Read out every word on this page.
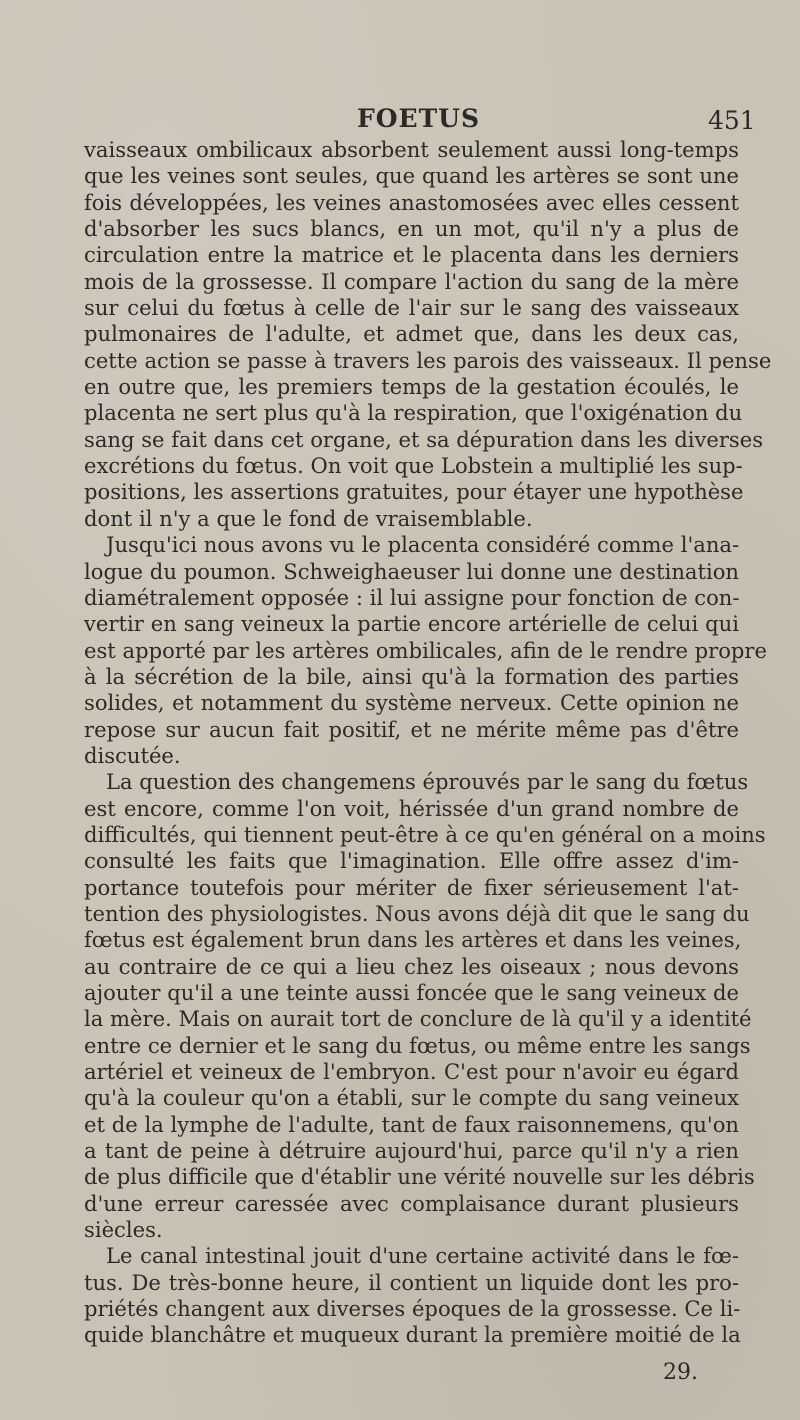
FOETUS	451
vaisseaux ombilicaux absorbent seulement aussi long-temps
que les veines sont seules, que quand les artères se sont une
fois développées, les veines anastomosées avec elles cessent
d'absorber les sucs blancs, en un mot, qu'il n'y a plus de
circulation entre la matrice et le placenta dans les derniers
mois de la grossesse. Il compare l'action du sang de la mère
sur celui du fœtus à celle de l'air sur le sang des vaisseaux
pulmonaires de l'adulte, et admet que, dans les deux cas,
cette action se passe à travers les parois des vaisseaux. Il pense
en outre que, les premiers temps de la gestation écoulés, le
placenta ne sert plus qu'à la respiration, que l'oxigénation du
sang se fait dans cet organe, et sa dépuration dans les diverses
excrétions du fœtus. On voit que Lobstein a multiplié les sup-
positions, les assertions gratuites, pour étayer une hypothèse
dont il n'y a que le fond de vraisemblable.
Jusqu'ici nous avons vu le placenta considéré comme l'ana-
logue du poumon. Schweighaeuser lui donne une destination
diamétralement opposée : il lui assigne pour fonction de con-
vertir en sang veineux la partie encore artérielle de celui qui
est apporté par les artères ombilicales, afin de le rendre propre
à la sécrétion de la bile, ainsi qu'à la formation des parties
solides, et notamment du système nerveux. Cette opinion ne
repose sur aucun fait positif, et ne mérite même pas d'être
discutée.
La question des changemens éprouvés par le sang du fœtus
est encore, comme l'on voit, hérissée d'un grand nombre de
difficultés, qui tiennent peut-être à ce qu'en général on a moins
consulté les faits que l'imagination. Elle offre assez d'im-
portance toutefois pour mériter de fixer sérieusement l'at-
tention des physiologistes. Nous avons déjà dit que le sang du
fœtus est également brun dans les artères et dans les veines,
au contraire de ce qui a lieu chez les oiseaux ; nous devons
ajouter qu'il a une teinte aussi foncée que le sang veineux de
la mère. Mais on aurait tort de conclure de là qu'il y a identité
entre ce dernier et le sang du fœtus, ou même entre les sangs
artériel et veineux de l'embryon. C'est pour n'avoir eu égard
qu'à la couleur qu'on a établi, sur le compte du sang veineux
et de la lymphe de l'adulte, tant de faux raisonnemens, qu'on
a tant de peine à détruire aujourd'hui, parce qu'il n'y a rien
de plus difficile que d'établir une vérité nouvelle sur les débris
d'une erreur caressée avec complaisance durant plusieurs
siècles.
Le canal intestinal jouit d'une certaine activité dans le fœ-
tus. De très-bonne heure, il contient un liquide dont les pro-
priétés changent aux diverses époques de la grossesse. Ce li-
quide blanchâtre et muqueux durant la première moitié de la
29.
